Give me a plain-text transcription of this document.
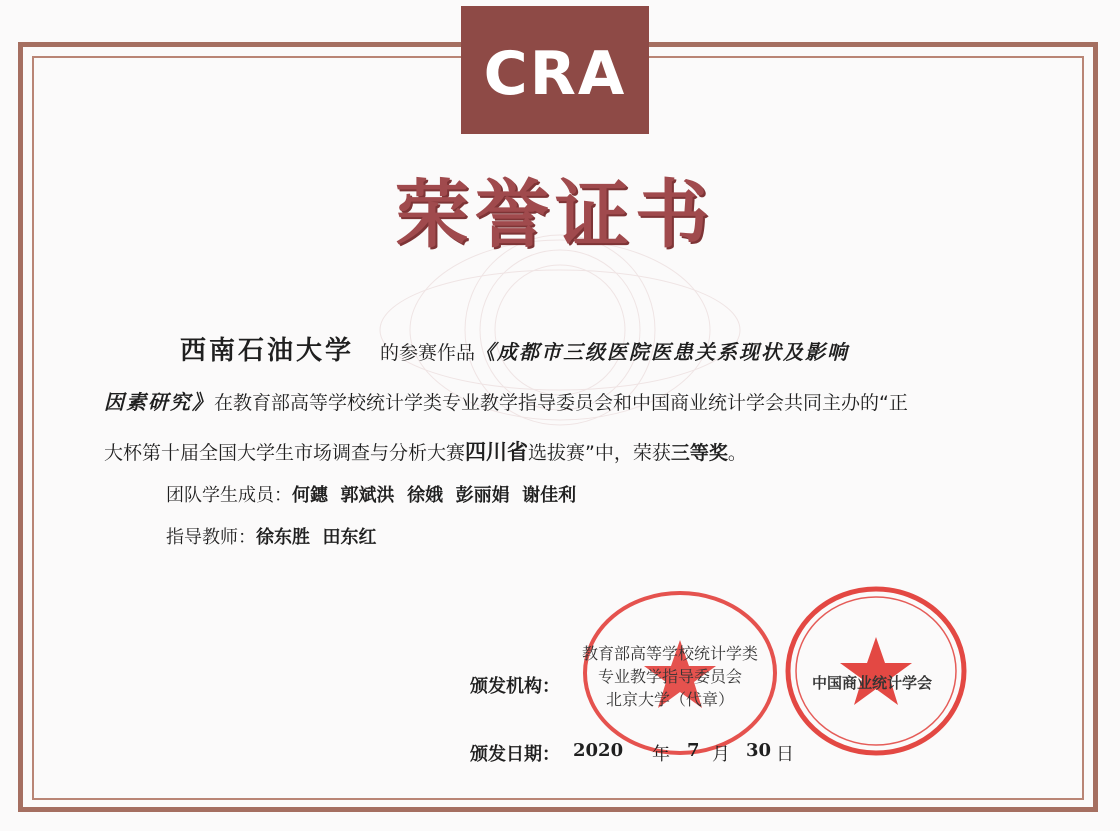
CRA
荣誉证书
西南石油大学 的参赛作品《成都市三级医院医患关系现状及影响
因素研究》在教育部高等学校统计学类专业教学指导委员会和中国商业统计学会共同主办的“正
大杯第十届全国大学生市场调查与分析大赛四川省选拔赛”中，荣获三等奖。
团队学生成员：何鏸  郭斌洪  徐娥  彭丽娟  谢佳利
指导教师：徐东胜  田东红
颁发机构：
教育部高等学校统计学类
专业教学指导委员会
北京大学（代章）
中国商业统计学会
颁发日期： 2020 年 7 月 30 日
